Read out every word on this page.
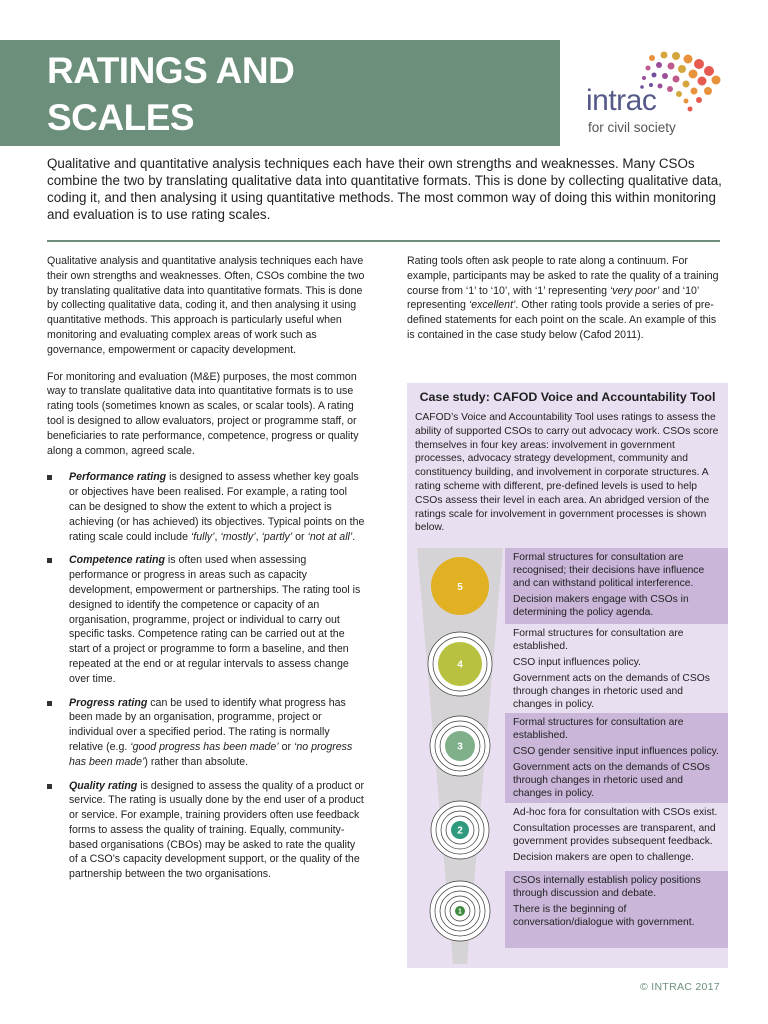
RATINGS AND
SCALES	intrac
for civil society
Qualitative and quantitative analysis techniques each have their own strengths and weaknesses. Many CSOs combine the two by translating qualitative data into quantitative formats. This is done by collecting qualitative data, coding it, and then analysing it using quantitative methods. The most common way of doing this within monitoring and evaluation is to use rating scales.

Qualitative analysis and quantitative analysis techniques each have their own strengths and weaknesses. Often, CSOs combine the two by translating qualitative data into quantitative formats. This is done by collecting qualitative data, coding it, and then analysing it using quantitative methods. This approach is particularly useful when monitoring and evaluating complex areas of work such as governance, empowerment or capacity development.

For monitoring and evaluation (M&E) purposes, the most common way to translate qualitative data into quantitative formats is to use rating tools (sometimes known as scales, or scalar tools). A rating tool is designed to allow evaluators, project or programme staff, or beneficiaries to rate performance, competence, progress or quality along a common, agreed scale.

Performance rating is designed to assess whether key goals or objectives have been realised. For example, a rating tool can be designed to show the extent to which a project is achieving (or has achieved) its objectives. Typical points on the rating scale could include ‘fully’, ‘mostly’, ‘partly’ or ‘not at all’.
Competence rating is often used when assessing performance or progress in areas such as capacity development, empowerment or partnerships. The rating tool is designed to identify the competence or capacity of an organisation, programme, project or individual to carry out specific tasks. Competence rating can be carried out at the start of a project or programme to form a baseline, and then repeated at the end or at regular intervals to assess change over time.
Progress rating can be used to identify what progress has been made by an organisation, programme, project or individual over a specified period. The rating is normally relative (e.g. ‘good progress has been made’ or ‘no progress has been made’) rather than absolute.
Quality rating is designed to assess the quality of a product or service. The rating is usually done by the end user of a product or service. For example, training providers often use feedback forms to assess the quality of training. Equally, community-based organisations (CBOs) may be asked to rate the quality of a CSO’s capacity development support, or the quality of the partnership between the two organisations.
Rating tools often ask people to rate along a continuum. For example, participants may be asked to rate the quality of a training course from ‘1’ to ‘10’, with ‘1’ representing ‘very poor’ and ‘10’ representing ‘excellent’. Other rating tools provide a series of pre-defined statements for each point on the scale. An example of this is contained in the case study below (Cafod 2011).
Case study: CAFOD Voice and Accountability Tool
CAFOD’s Voice and Accountability Tool uses ratings to assess the ability of supported CSOs to carry out advocacy work. CSOs score themselves in four key areas: involvement in government processes, advocacy strategy development, community and constituency building, and involvement in corporate structures. A rating scheme with different, pre-defined levels is used to help CSOs assess their level in each area. An abridged version of the ratings scale for involvement in government processes is shown below.
5
4
3
2
1
Formal structures for consultation are recognised; their decisions have influence and can withstand political interference.
Decision makers engage with CSOs in determining the policy agenda.
Formal structures for consultation are established.
CSO input influences policy.
Government acts on the demands of CSOs through changes in rhetoric used and changes in policy.
Formal structures for consultation are established.
CSO gender sensitive input influences policy.
Government acts on the demands of CSOs through changes in rhetoric used and changes in policy.
Ad-hoc fora for consultation with CSOs exist.
Consultation processes are transparent, and government provides subsequent feedback.
Decision makers are open to challenge.
CSOs internally establish policy positions through discussion and debate.
There is the beginning of conversation/dialogue with government.
© INTRAC 2017
